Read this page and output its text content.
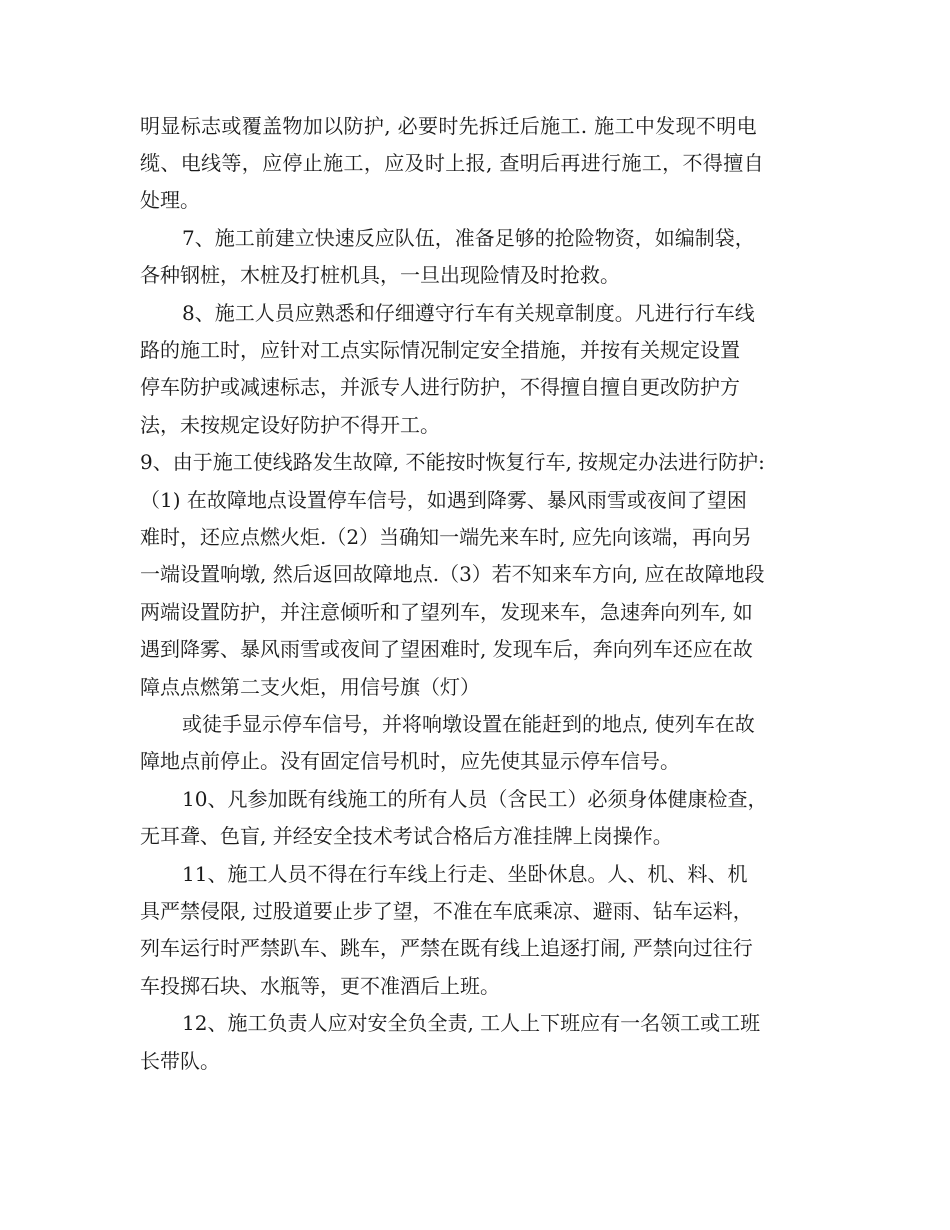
明显标志或覆盖物加以防护, 必要时先拆迁后施工. 施工中发现不明电
缆、电线等，应停止施工，应及时上报, 查明后再进行施工，不得擅自
处理。
7、施工前建立快速反应队伍，准备足够的抢险物资，如编制袋，
各种钢桩，木桩及打桩机具，一旦出现险情及时抢救。
8、施工人员应熟悉和仔细遵守行车有关规章制度。凡进行行车线
路的施工时，应针对工点实际情况制定安全措施，并按有关规定设置
停车防护或减速标志，并派专人进行防护，不得擅自擅自更改防护方
法，未按规定设好防护不得开工。
9、由于施工使线路发生故障, 不能按时恢复行车, 按规定办法进行防护:
（1) 在故障地点设置停车信号，如遇到降雾、暴风雨雪或夜间了望困
难时，还应点燃火炬.（2）当确知一端先来车时, 应先向该端，再向另
一端设置响墩, 然后返回故障地点.（3）若不知来车方向, 应在故障地段
两端设置防护，并注意倾听和了望列车，发现来车，急速奔向列车, 如
遇到降雾、暴风雨雪或夜间了望困难时, 发现车后，奔向列车还应在故
障点点燃第二支火炬，用信号旗（灯）
或徒手显示停车信号，并将响墩设置在能赶到的地点, 使列车在故
障地点前停止。没有固定信号机时，应先使其显示停车信号。
10、凡参加既有线施工的所有人员（含民工）必须身体健康检查，
无耳聋、色盲, 并经安全技术考试合格后方准挂牌上岗操作。
11、施工人员不得在行车线上行走、坐卧休息。人、机、料、机
具严禁侵限, 过股道要止步了望，不准在车底乘凉、避雨、钻车运料，
列车运行时严禁趴车、跳车，严禁在既有线上追逐打闹, 严禁向过往行
车投掷石块、水瓶等，更不准酒后上班。
12、施工负责人应对安全负全责, 工人上下班应有一名领工或工班
长带队。
